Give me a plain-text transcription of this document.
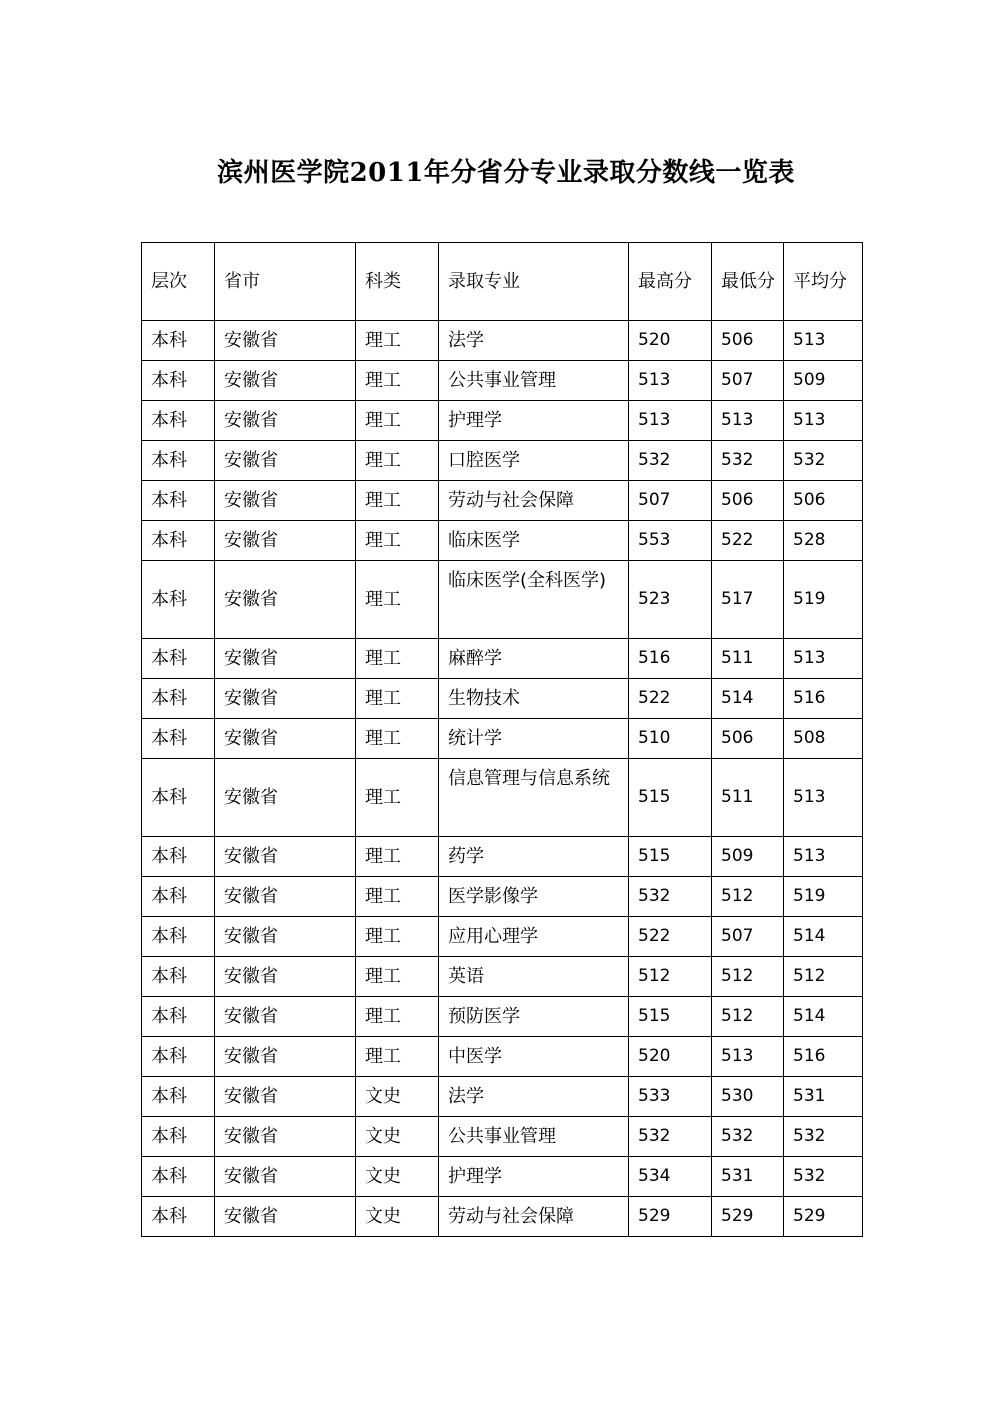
滨州医学院2011年分省分专业录取分数线一览表
层次	省市	科类	录取专业	最高分	最低分	平均分

本科	安徽省	理工	法学	520	506	513
本科	安徽省	理工	公共事业管理	513	507	509
本科	安徽省	理工	护理学	513	513	513
本科	安徽省	理工	口腔医学	532	532	532
本科	安徽省	理工	劳动与社会保障	507	506	506
本科	安徽省	理工	临床医学	553	522	528
本科	安徽省	理工	临床医学(全科医学)	523	517	519
本科	安徽省	理工	麻醉学	516	511	513
本科	安徽省	理工	生物技术	522	514	516
本科	安徽省	理工	统计学	510	506	508
本科	安徽省	理工	信息管理与信息系统	515	511	513
本科	安徽省	理工	药学	515	509	513
本科	安徽省	理工	医学影像学	532	512	519
本科	安徽省	理工	应用心理学	522	507	514
本科	安徽省	理工	英语	512	512	512
本科	安徽省	理工	预防医学	515	512	514
本科	安徽省	理工	中医学	520	513	516
本科	安徽省	文史	法学	533	530	531
本科	安徽省	文史	公共事业管理	532	532	532
本科	安徽省	文史	护理学	534	531	532
本科	安徽省	文史	劳动与社会保障	529	529	529
